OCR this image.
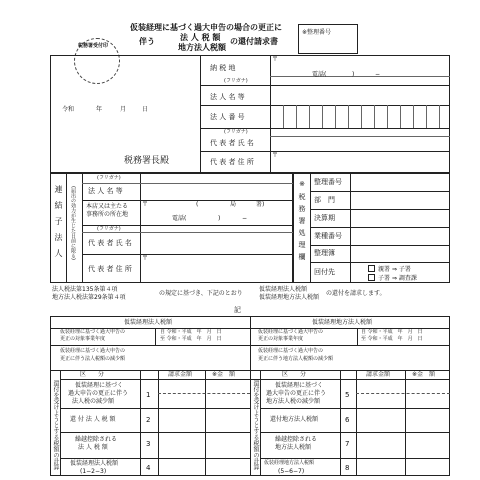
仮装経理に基づく過大申告の場合の更正に
伴う	法 人 税 額
地方法人税額
の還付請求書
※整理番号
税務署受付印
令和	年	月	日
税務署長殿
〒
納 税 地
電話(	)	−
(フリガナ)
法 人 名 等
法 人 番 号
(フリガナ)
代 表 者 氏 名
〒
代 表 者 住 所
連結子法人 (届出の効力が生じた日前に限る)
(フリガナ)
法 人 名 等
本店又は主たる
事務所の所在地
〒	(	局	署)
電話(	)	−
(フリガナ)
代 表 者 氏 名
〒
代 表 者 住 所
※税務署処理欄 整理番号
部　門
決算期
業種番号
整理簿
回付先	親署 ⇒ 子署
子署 ⇒ 調査課
法人税法第135条第４項
地方法人税法第29条第４項
の規定に基づき、下記のとおり
仮装経理法人税額
仮装経理地方法人税額
の還付を請求します。
記
仮装経理法人税額
仮装経理に基づく過大申告の
更正の対象事業年度
自 令和・平成　年　月　日
至 令和・平成　年　月　日
仮装経理に基づく過大申告の
更正に伴う法人税額の減少額
区　　分	請求金額	※金　額
還付を受けようとする税額の計算	仮装経理に基づく
過大申告の更正に伴う
法人税の減少額
1
還 付 法 人 税 額	2
繰越控除される
法 人 税 額	3
仮装経理法人税額
(1−2−3)	4
仮装経理地方法人税額
仮装経理に基づく過大申告の
更正の対象事業年度
自 令和・平成　年　月　日
至 令和・平成　年　月　日
仮装経理に基づく過大申告の
更正に伴う地方法人税額の減少額
区　　分	請求金額	※金　額
還付を受けようとする税額の計算	仮装経理に基づく
過大申告の更正に伴う
地方法人税の減少額
5
還付地方法人税額	6
繰越控除される
地方法人税額	7
仮装経理地方法人税額
(5−6−7)	8
